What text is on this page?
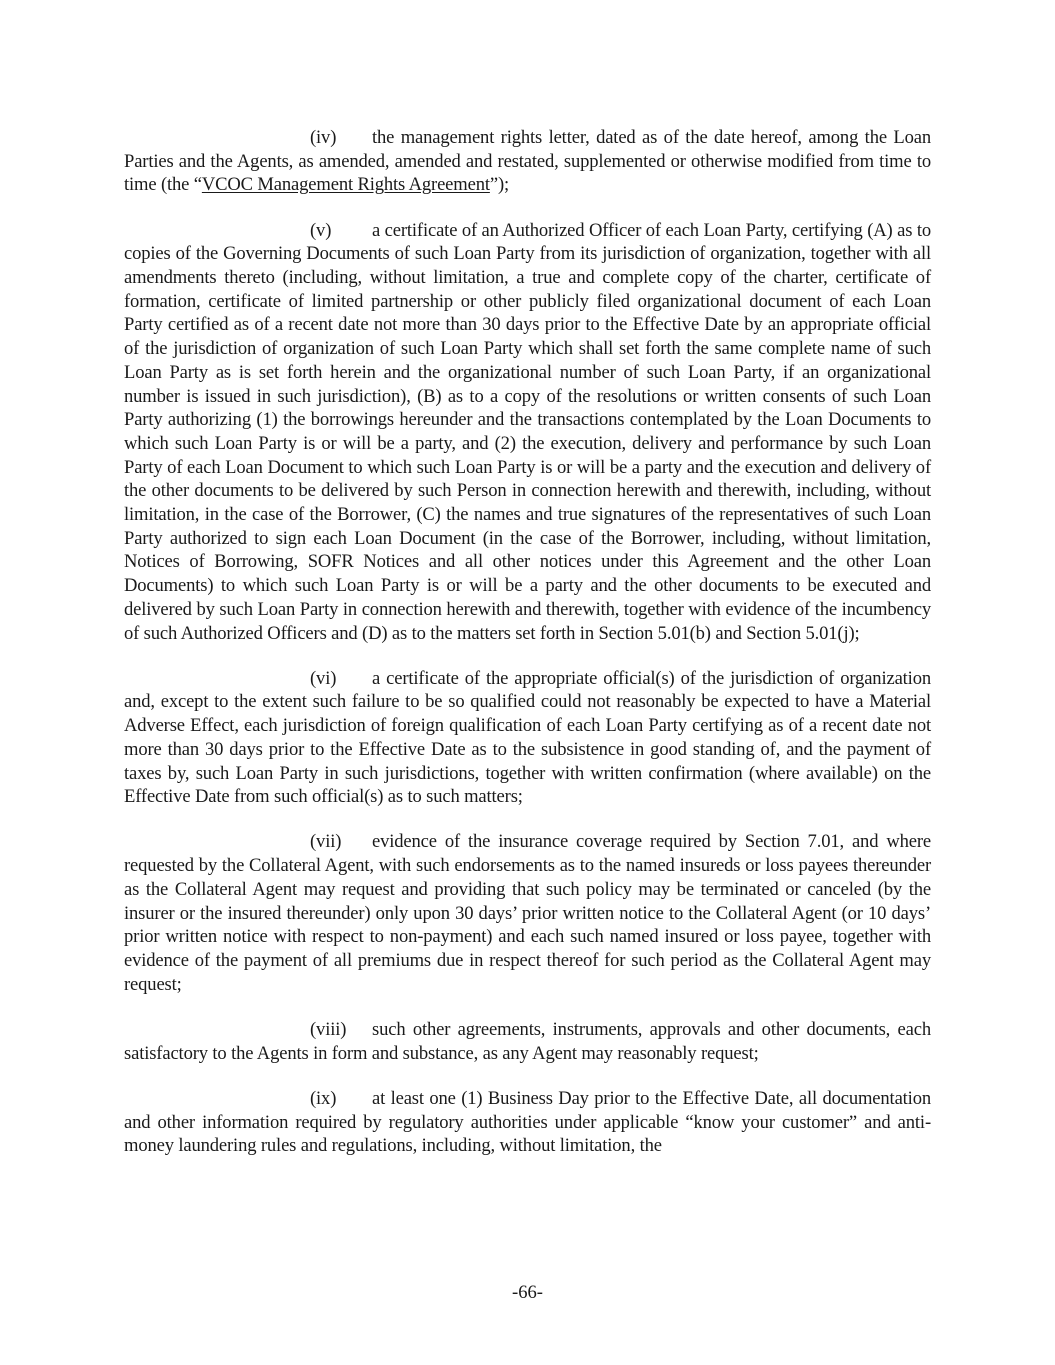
(iv) the management rights letter, dated as of the date hereof, among the Loan Parties and the Agents, as amended, amended and restated, supplemented or otherwise modified from time to time (the “VCOC Management Rights Agreement”);

(v) a certificate of an Authorized Officer of each Loan Party, certifying (A) as to copies of the Governing Documents of such Loan Party from its jurisdiction of organization, together with all amendments thereto (including, without limitation, a true and complete copy of the charter, certificate of formation, certificate of limited partnership or other publicly filed organizational document of each Loan Party certified as of a recent date not more than 30 days prior to the Effective Date by an appropriate official of the jurisdiction of organization of such Loan Party which shall set forth the same complete name of such Loan Party as is set forth herein and the organizational number of such Loan Party, if an organizational number is issued in such jurisdiction), (B) as to a copy of the resolutions or written consents of such Loan Party authorizing (1) the borrowings hereunder and the transactions contemplated by the Loan Documents to which such Loan Party is or will be a party, and (2) the execution, delivery and performance by such Loan Party of each Loan Document to which such Loan Party is or will be a party and the execution and delivery of the other documents to be delivered by such Person in connection herewith and therewith, including, without limitation, in the case of the Borrower, (C) the names and true signatures of the representatives of such Loan Party authorized to sign each Loan Document (in the case of the Borrower, including, without limitation, Notices of Borrowing, SOFR Notices and all other notices under this Agreement and the other Loan Documents) to which such Loan Party is or will be a party and the other documents to be executed and delivered by such Loan Party in connection herewith and therewith, together with evidence of the incumbency of such Authorized Officers and (D) as to the matters set forth in Section 5.01(b) and Section 5.01(j);

(vi) a certificate of the appropriate official(s) of the jurisdiction of organization and, except to the extent such failure to be so qualified could not reasonably be expected to have a Material Adverse Effect, each jurisdiction of foreign qualification of each Loan Party certifying as of a recent date not more than 30 days prior to the Effective Date as to the subsistence in good standing of, and the payment of taxes by, such Loan Party in such jurisdictions, together with written confirmation (where available) on the Effective Date from such official(s) as to such matters;

(vii) evidence of the insurance coverage required by Section 7.01, and where requested by the Collateral Agent, with such endorsements as to the named insureds or loss payees thereunder as the Collateral Agent may request and providing that such policy may be terminated or canceled (by the insurer or the insured thereunder) only upon 30 days’ prior written notice to the Collateral Agent (or 10 days’ prior written notice with respect to non-payment) and each such named insured or loss payee, together with evidence of the payment of all premiums due in respect thereof for such period as the Collateral Agent may request;

(viii) such other agreements, instruments, approvals and other documents, each satisfactory to the Agents in form and substance, as any Agent may reasonably request;

(ix) at least one (1) Business Day prior to the Effective Date, all documentation and other information required by regulatory authorities under applicable “know your customer” and anti-money laundering rules and regulations, including, without limitation, the

-66-
